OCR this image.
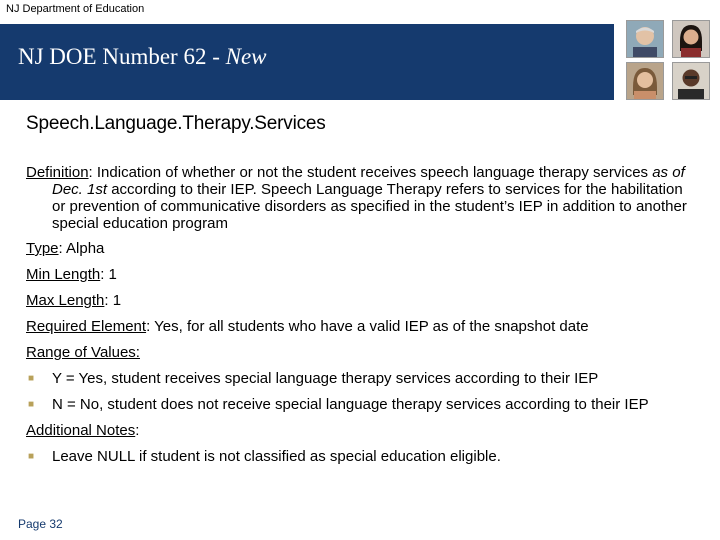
NJ Department of Education
NJ DOE Number 62 - New
Speech.Language.Therapy.Services

Definition: Indication of whether or not the student receives speech language therapy services as of Dec. 1st according to their IEP. Speech Language Therapy refers to services for the habilitation or prevention of communicative disorders as specified in the student’s IEP in addition to another special education program

Type: Alpha
Min Length: 1
Max Length: 1
Required Element: Yes, for all students who have a valid IEP as of the snapshot date
Range of Values:
■ Y = Yes, student receives special language therapy services according to their IEP
■ N = No, student does not receive special language therapy services according to their IEP
Additional Notes:
■ Leave NULL if student is not classified as special education eligible.
Page 32
